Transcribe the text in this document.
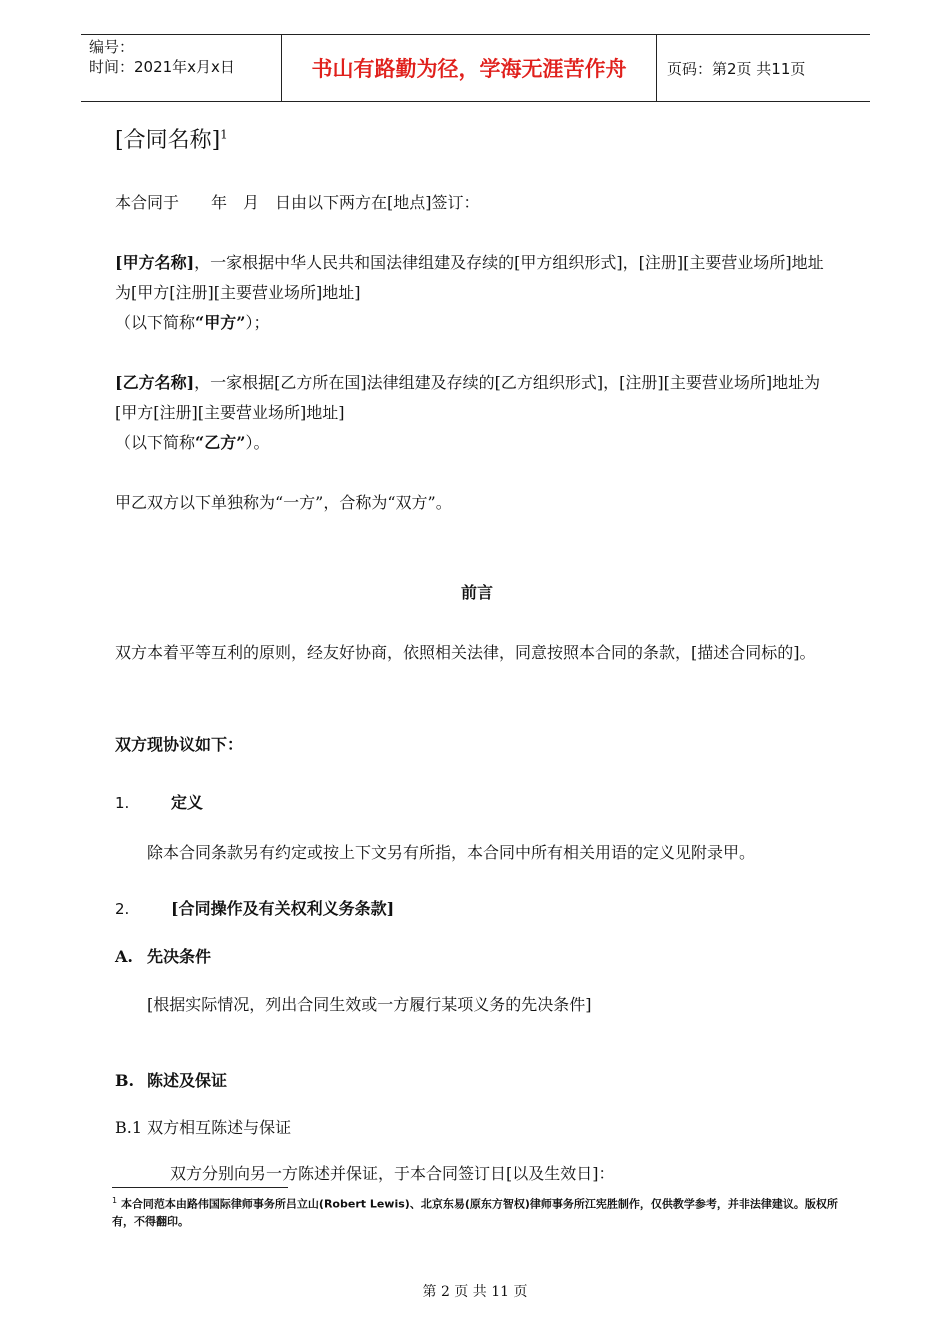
编号：
时间：2021年x月x日	书山有路勤为径，学海无涯苦作舟	页码：第2页 共11页
[合同名称]$^1$
本合同于　　年　月　日由以下两方在[地点]签订：
[甲方名称]，一家根据中华人民共和国法律组建及存续的[甲方组织形式]，[注册][主要营业场所]地址为[甲方[注册][主要营业场所]地址]
（以下简称“甲方”）；
[乙方名称]，一家根据[乙方所在国]法律组建及存续的[乙方组织形式]，[注册][主要营业场所]地址为[甲方[注册][主要营业场所]地址]
（以下简称“乙方”）。
甲乙双方以下单独称为“一方”，合称为“双方”。
前言
双方本着平等互利的原则，经友好协商，依照相关法律，同意按照本合同的条款，[描述合同标的]。
双方现协议如下：
1.	定义
除本合同条款另有约定或按上下文另有所指，本合同中所有相关用语的定义见附录甲。
2.	[合同操作及有关权利义务条款]
A. 先决条件
[根据实际情况，列出合同生效或一方履行某项义务的先决条件]
B. 陈述及保证
B.1 双方相互陈述与保证
双方分别向另一方陈述并保证，于本合同签订日[以及生效日]：
$^1$ 本合同范本由路伟国际律师事务所吕立山(Robert Lewis)、北京东易(原东方智权)律师事务所江宪胜制作，仅供教学参考，并非法律建议。版权所有，不得翻印。
第 2 页 共 11 页
